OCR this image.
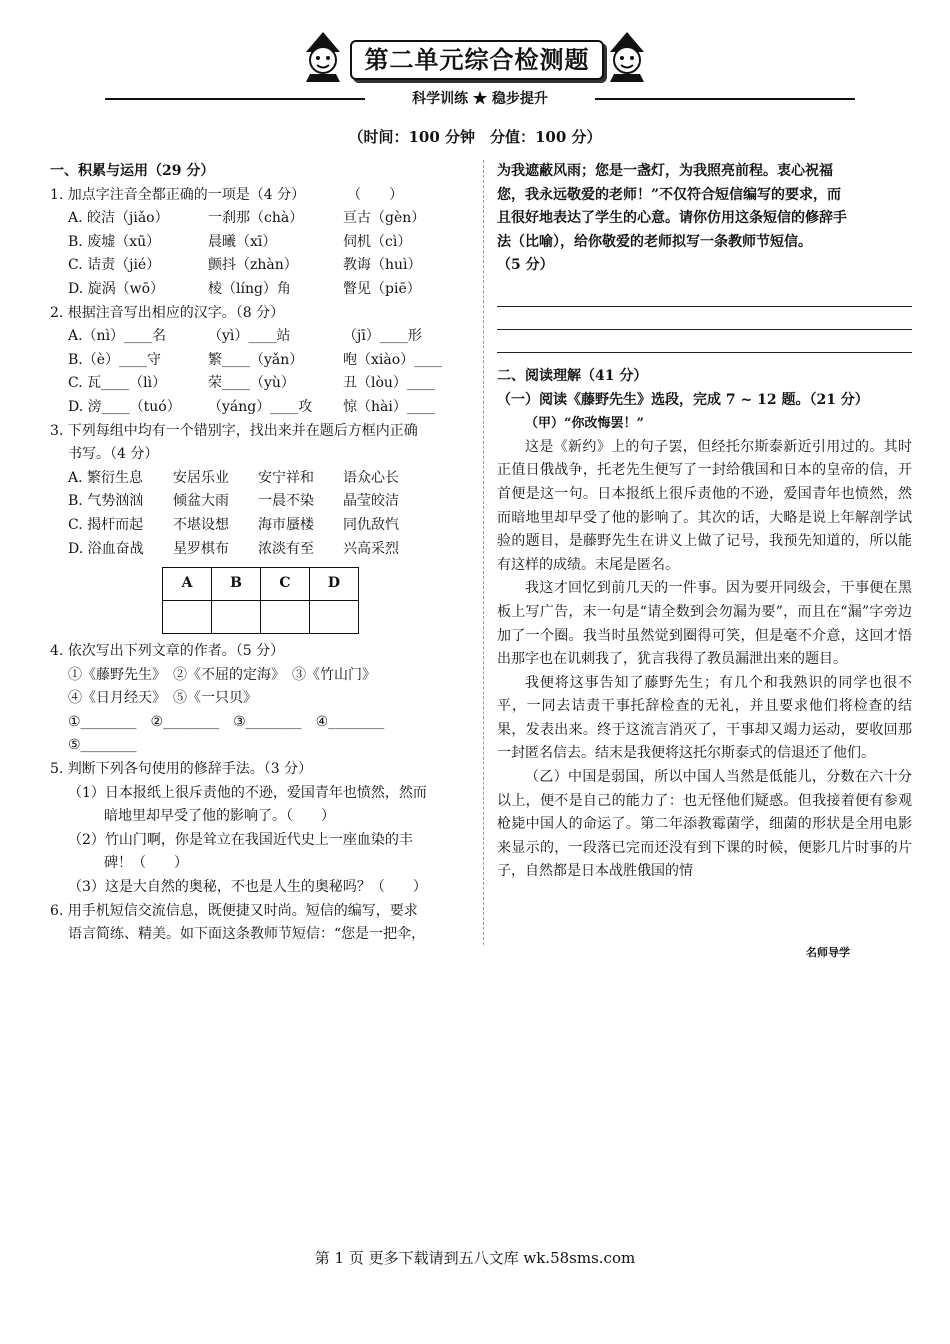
第二单元综合检测题
科学训练 ★ 稳步提升
（时间：100 分钟　分值：100 分）
一、积累与运用（29 分）
1. 加点字注音全都正确的一项是（4 分）　　　　（　　）
A. 皎洁（jiǎo）	一刹那（chà）	亘古（gèn）
B. 废墟（xū）	晨曦（xī）	伺机（cì）
C. 诘责（jié）	颤抖（zhàn）	教诲（huì）
D. 旋涡（wō）	棱（líng）角	瞥见（piē）
2. 根据注音写出相应的汉字。（8 分）
A.（nì）____名	（yì）____站	（jī）____形
B.（è）____守	繁____（yǎn）	咆（xiào）____
C. 瓦____（lì）	荣____（yù）	丑（lòu）____
D. 滂____（tuó）	（yáng）____攻	惊（hài）____
3. 下列每组中均有一个错别字，找出来并在题后方框内正确
书写。（4 分）
A. 繁衍生息	安居乐业	安宁祥和	语众心长
B. 气势汹汹	倾盆大雨	一晨不染	晶莹皎洁
C. 揭杆而起	不堪设想	海市蜃楼	同仇敌忾
D. 浴血奋战	星罗棋布	浓淡有至	兴高采烈
A	B	C	D

4. 依次写出下列文章的作者。（5 分）
①《藤野先生》　②《不屈的定海》　③《竹山门》
④《日月经天》　⑤《一只贝》
①________　②________　③________　④________
⑤________
5. 判断下列各句使用的修辞手法。（3 分）
（1）日本报纸上很斥责他的不逊，爱国青年也愤然，然而
暗地里却早受了他的影响了。（　　）
（2）竹山门啊，你是耸立在我国近代史上一座血染的丰
碑！（　　）
（3）这是大自然的奥秘，不也是人生的奥秘吗？（　　）
6. 用手机短信交流信息，既便捷又时尚。短信的编写，要求
语言简练、精美。如下面这条教师节短信：“您是一把伞，
为我遮蔽风雨；您是一盏灯，为我照亮前程。衷心祝福
您，我永远敬爱的老师！”不仅符合短信编写的要求，而
且很好地表达了学生的心意。请你仿用这条短信的修辞手
法（比喻），给你敬爱的老师拟写一条教师节短信。
（5 分）
二、阅读理解（41 分）
（一）阅读《藤野先生》选段，完成 7 ~ 12 题。（21 分）
（甲）“你改悔罢！”

这是《新约》上的句子罢，但经托尔斯泰新近引用过的。其时正值日俄战争，托老先生便写了一封给俄国和日本的皇帝的信，开首便是这一句。日本报纸上很斥责他的不逊，爱国青年也愤然，然而暗地里却早受了他的影响了。其次的话，大略是说上年解剖学试验的题目，是藤野先生在讲义上做了记号，我预先知道的，所以能有这样的成绩。末尾是匿名。

我这才回忆到前几天的一件事。因为要开同级会，干事便在黑板上写广告，末一句是“请全数到会勿漏为要”，而且在“漏”字旁边加了一个圈。我当时虽然觉到圈得可笑，但是毫不介意，这回才悟出那字也在讥刺我了，犹言我得了教员漏泄出来的题目。

我便将这事告知了藤野先生；有几个和我熟识的同学也很不平，一同去诘责干事托辞检查的无礼，并且要求他们将检查的结果，发表出来。终于这流言消灭了，干事却又竭力运动，要收回那一封匿名信去。结末是我便将这托尔斯泰式的信退还了他们。

（乙）中国是弱国，所以中国人当然是低能儿，分数在六十分以上，便不是自己的能力了：也无怪他们疑惑。但我接着便有参观枪毙中国人的命运了。第二年添教霉菌学，细菌的形状是全用电影来显示的，一段落已完而还没有到下课的时候，便影几片时事的片子，自然都是日本战胜俄国的情

名师导学
第 1 页 更多下载请到五八文库 wk.58sms.com
